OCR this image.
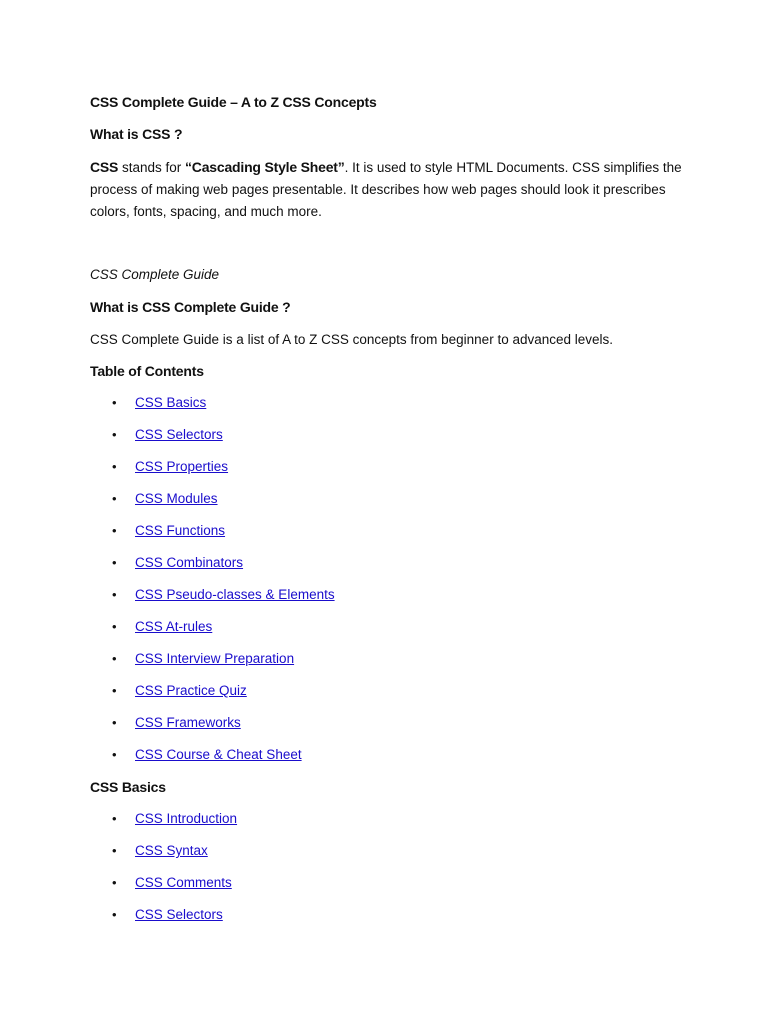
CSS Complete Guide – A to Z CSS Concepts

What is CSS ?

CSS stands for “Cascading Style Sheet”. It is used to style HTML Documents. CSS simplifies the process of making web pages presentable. It describes how web pages should look it prescribes colors, fonts, spacing, and much more.

CSS Complete Guide

What is CSS Complete Guide ?

CSS Complete Guide is a list of A to Z CSS concepts from beginner to advanced levels.

Table of Contents

• CSS Basics
• CSS Selectors
• CSS Properties
• CSS Modules
• CSS Functions
• CSS Combinators
• CSS Pseudo-classes & Elements
• CSS At-rules
• CSS Interview Preparation
• CSS Practice Quiz
• CSS Frameworks
• CSS Course & Cheat Sheet

CSS Basics

• CSS Introduction
• CSS Syntax
• CSS Comments
• CSS Selectors
